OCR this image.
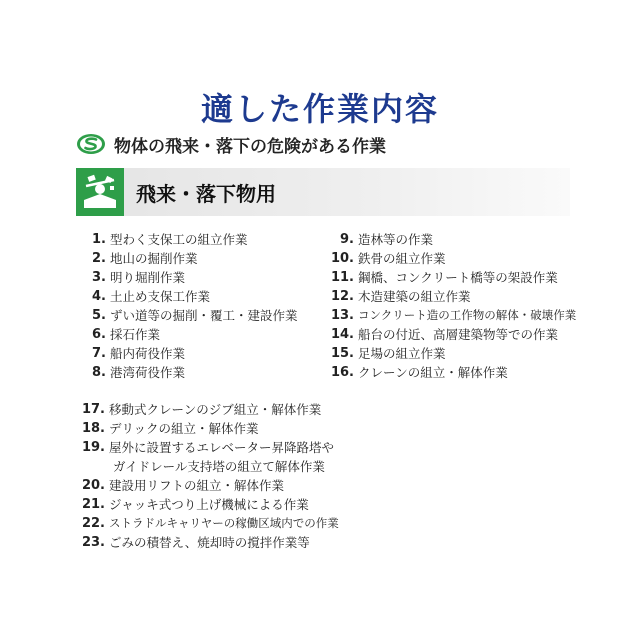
適した作業内容
物体の飛来・落下の危険がある作業
飛来・落下物用
1. 型わく支保工の組立作業
2. 地山の掘削作業
3. 明り堀削作業
4. 土止め支保工作業
5. ずい道等の掘削・覆工・建設作業
6. 採石作業
7. 船内荷役作業
8. 港湾荷役作業
9. 造林等の作業
10. 鉄骨の組立作業
11. 鋼橋、コンクリート橋等の架設作業
12. 木造建築の組立作業
13. コンクリート造の工作物の解体・破壊作業
14. 船台の付近、高層建築物等での作業
15. 足場の組立作業
16. クレーンの組立・解体作業
17. 移動式クレーンのジブ組立・解体作業
18. デリックの組立・解体作業
19. 屋外に設置するエレベーター昇降路塔や
ガイドレール支持塔の組立て解体作業
20. 建設用リフトの組立・解体作業
21. ジャッキ式つり上げ機械による作業
22. ストラドルキャリヤーの稼働区域内での作業
23. ごみの積替え、焼却時の撹拌作業等
